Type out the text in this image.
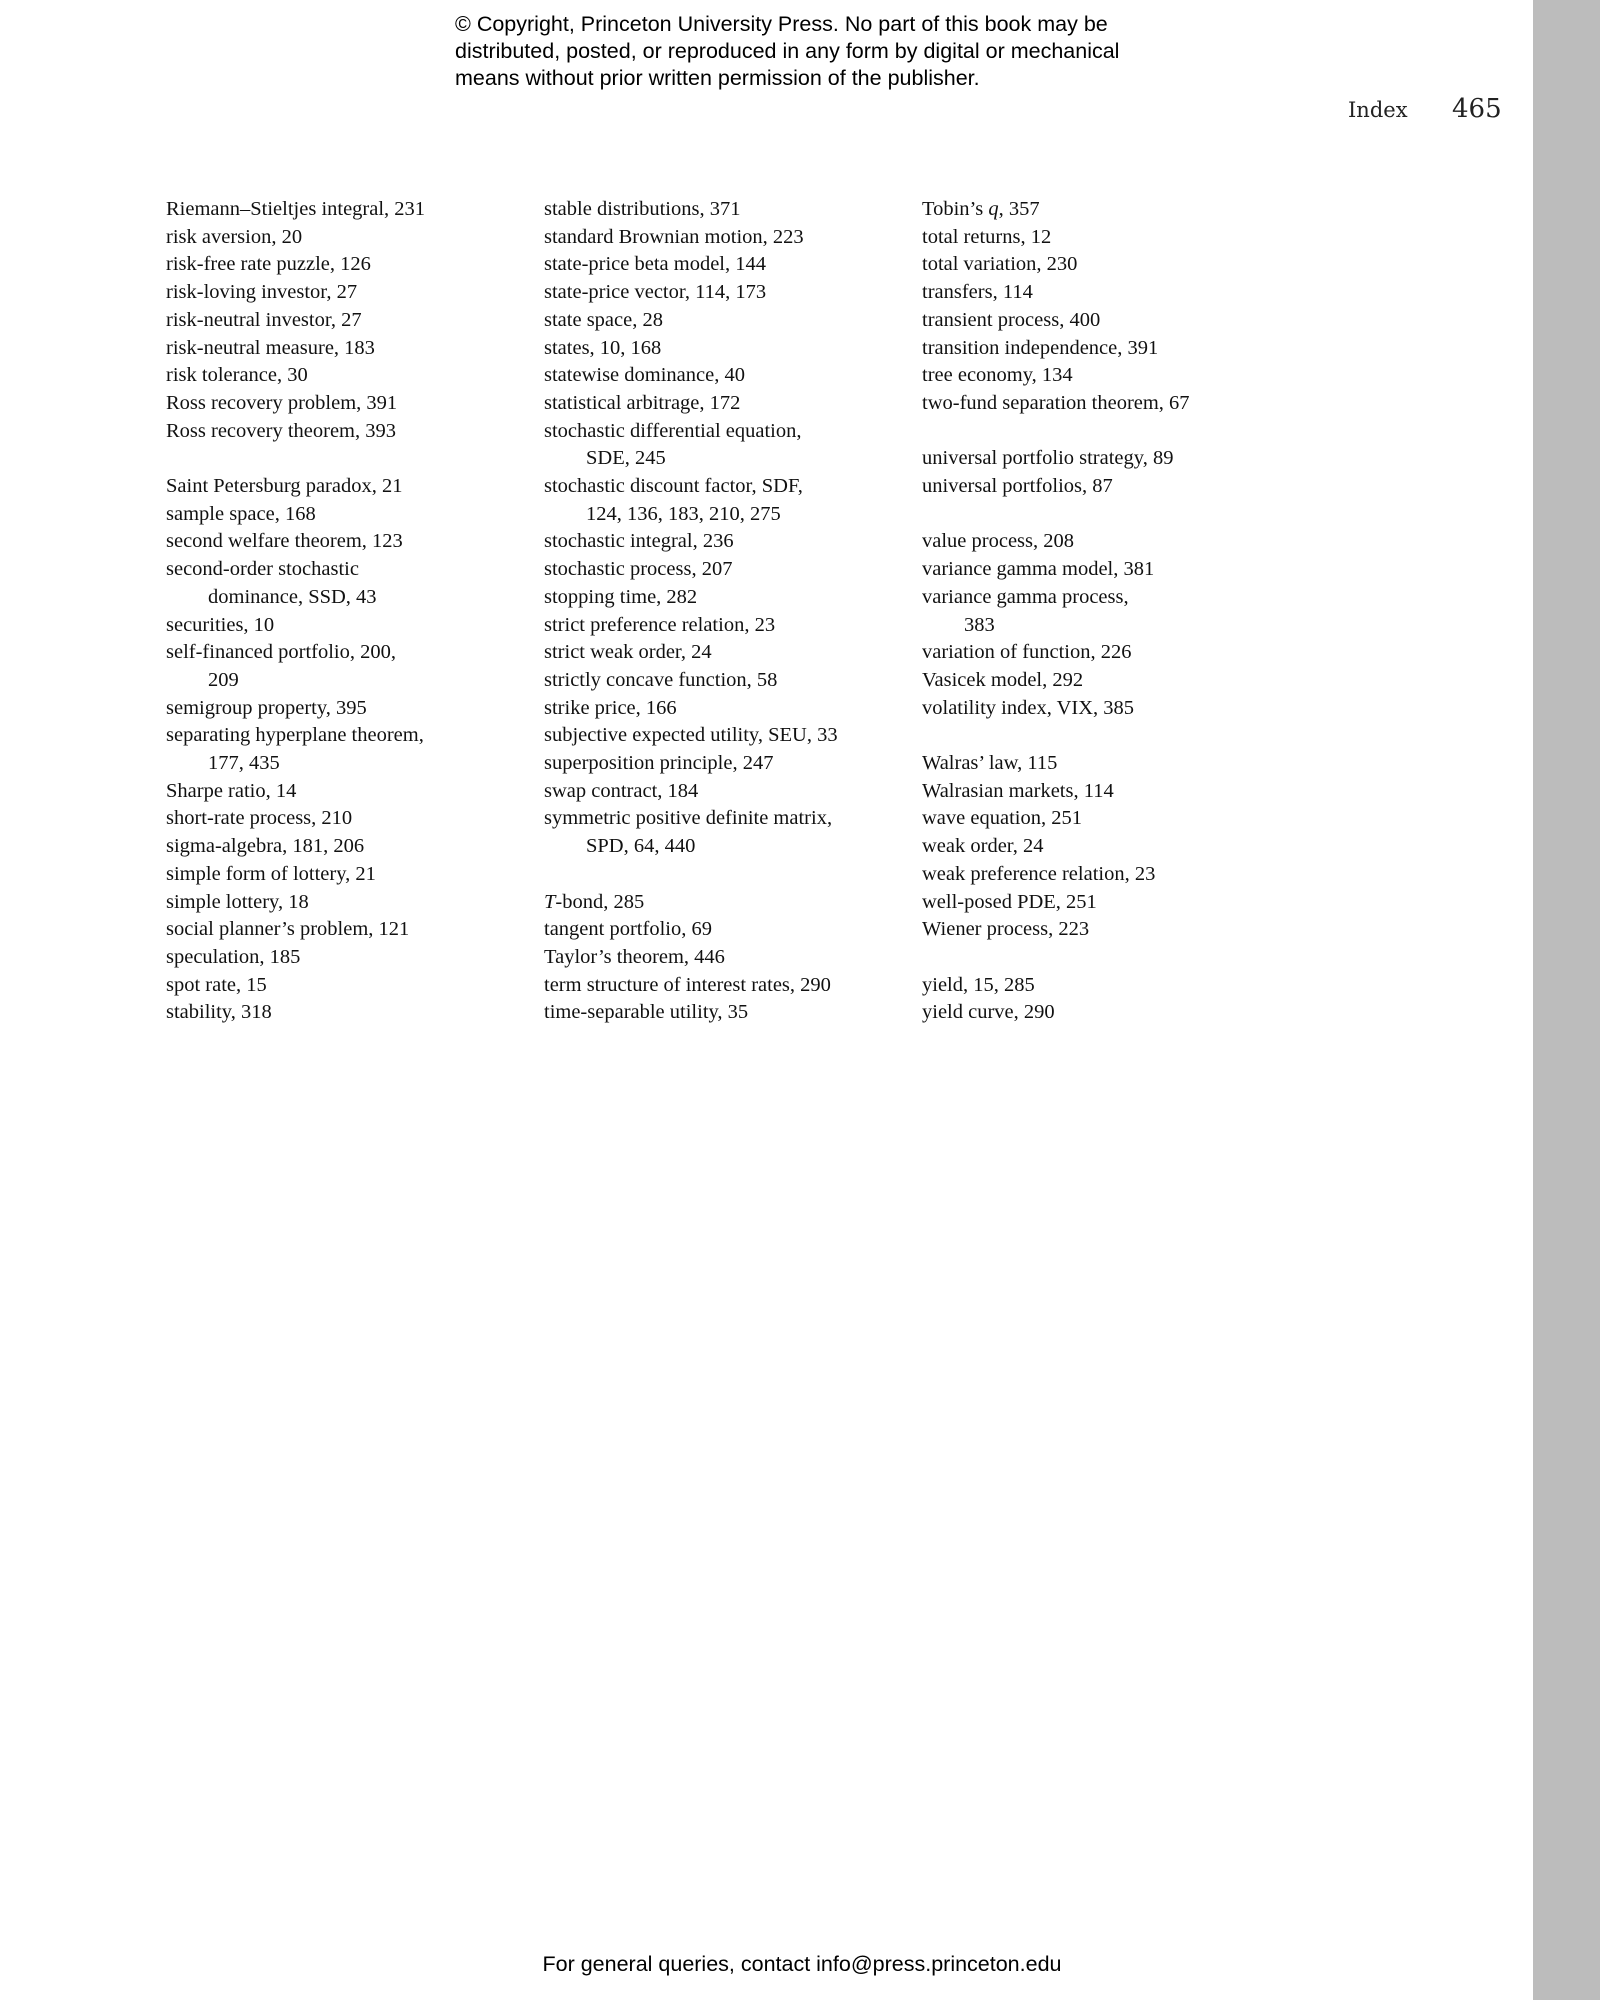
© Copyright, Princeton University Press. No part of this book may be
distributed, posted, or reproduced in any form by digital or mechanical
means without prior written permission of the publisher.
Index 465
Riemann–Stieltjes integral, 231
risk aversion, 20
risk-free rate puzzle, 126
risk-loving investor, 27
risk-neutral investor, 27
risk-neutral measure, 183
risk tolerance, 30
Ross recovery problem, 391
Ross recovery theorem, 393
Saint Petersburg paradox, 21
sample space, 168
second welfare theorem, 123
second-order stochastic
dominance, SSD, 43
securities, 10
self-financed portfolio, 200,
209
semigroup property, 395
separating hyperplane theorem,
177, 435
Sharpe ratio, 14
short-rate process, 210
sigma-algebra, 181, 206
simple form of lottery, 21
simple lottery, 18
social planner’s problem, 121
speculation, 185
spot rate, 15
stability, 318
stable distributions, 371
standard Brownian motion, 223
state-price beta model, 144
state-price vector, 114, 173
state space, 28
states, 10, 168
statewise dominance, 40
statistical arbitrage, 172
stochastic differential equation,
SDE, 245
stochastic discount factor, SDF,
124, 136, 183, 210, 275
stochastic integral, 236
stochastic process, 207
stopping time, 282
strict preference relation, 23
strict weak order, 24
strictly concave function, 58
strike price, 166
subjective expected utility, SEU, 33
superposition principle, 247
swap contract, 184
symmetric positive definite matrix,
SPD, 64, 440
T-bond, 285
tangent portfolio, 69
Taylor’s theorem, 446
term structure of interest rates, 290
time-separable utility, 35
Tobin’s q, 357
total returns, 12
total variation, 230
transfers, 114
transient process, 400
transition independence, 391
tree economy, 134
two-fund separation theorem, 67
universal portfolio strategy, 89
universal portfolios, 87
value process, 208
variance gamma model, 381
variance gamma process,
383
variation of function, 226
Vasicek model, 292
volatility index, VIX, 385
Walras’ law, 115
Walrasian markets, 114
wave equation, 251
weak order, 24
weak preference relation, 23
well-posed PDE, 251
Wiener process, 223
yield, 15, 285
yield curve, 290
For general queries, contact info@press.princeton.edu
